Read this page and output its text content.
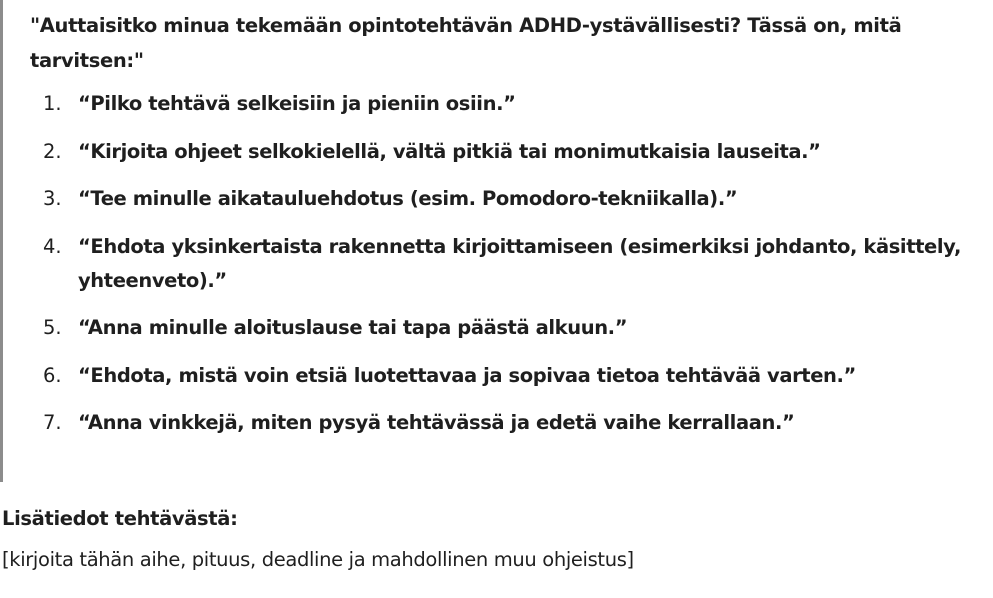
"Auttaisitko minua tekemään opintotehtävän ADHD-ystävällisesti? Tässä on, mitä tarvitsen:"

1. “Pilko tehtävä selkeisiin ja pieniin osiin.”
2. “Kirjoita ohjeet selkokielellä, vältä pitkiä tai monimutkaisia lauseita.”
3. “Tee minulle aikatauluehdotus (esim. Pomodoro-tekniikalla).”
4. “Ehdota yksinkertaista rakennetta kirjoittamiseen (esimerkiksi johdanto, käsittely, yhteenveto).”
5. “Anna minulle aloituslause tai tapa päästä alkuun.”
6. “Ehdota, mistä voin etsiä luotettavaa ja sopivaa tietoa tehtävää varten.”
7. “Anna vinkkejä, miten pysyä tehtävässä ja edetä vaihe kerrallaan.”

Lisätiedot tehtävästä:

[kirjoita tähän aihe, pituus, deadline ja mahdollinen muu ohjeistus]
